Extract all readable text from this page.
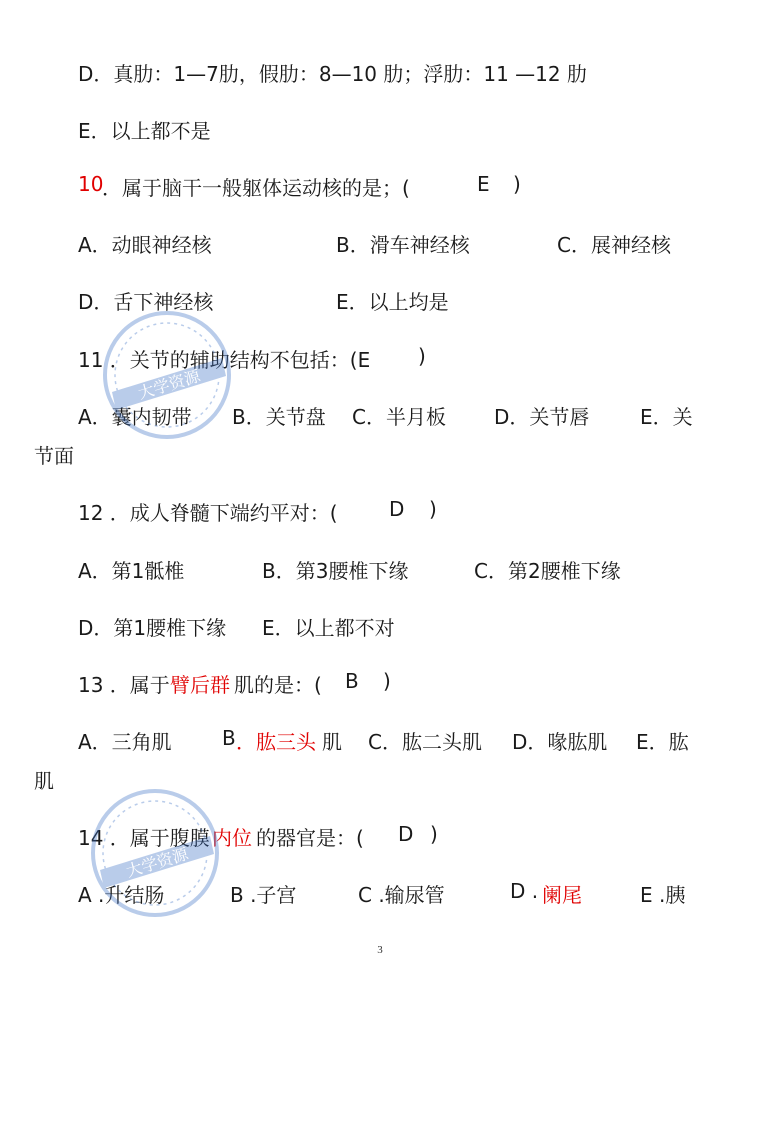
D．真肋：1—7肋，假肋：8—10 肋；浮肋：11 —12 肋
E．以上都不是
10
．属于脑干一般躯体运动核的是；(	E )
A．动眼神经核	B．滑车神经核	C．展神经核
D．舌下神经核	E．以上均是
11 ．关节的辅助结构不包括：(E )
A．囊内韧带 B．关节盘 C．半月板 D．关节唇	E．关
节面
12 ．成人脊髓下端约平对：(	D )
A．第1骶椎	B．第3腰椎下缘	C．第2腰椎下缘
D．第1腰椎下缘 E．以上都不对
13 ．属于 臂后群 肌的是：( B )
A．三角肌	B ．肱三头 肌 C．肱二头肌 D．喙肱肌 E．肱
肌
14 ．属于腹膜 内位 的器官是：( D )
A .升结肠	B .子宫	C .输尿管	D . 阑尾	E .胰
3
大学资源
大学资源
